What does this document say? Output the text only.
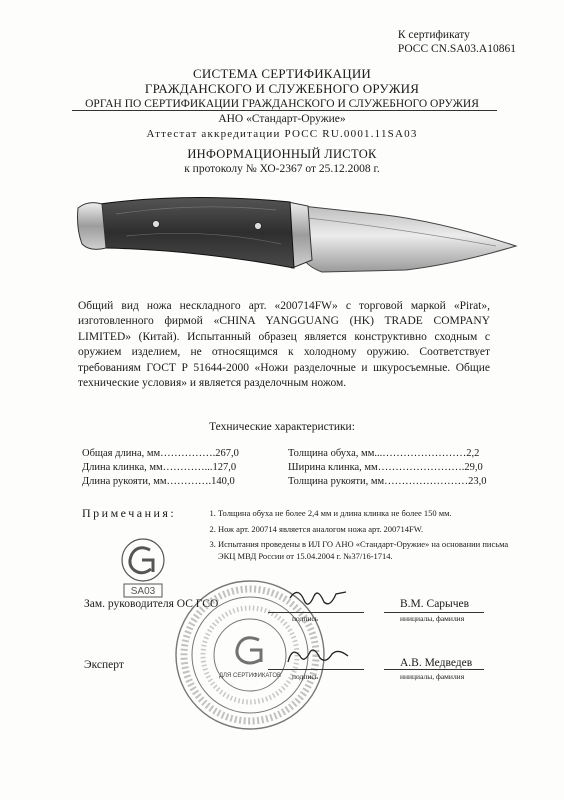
К сертификату
РОСС CN.SA03.A10861
СИСТЕМА СЕРТИФИКАЦИИ
ГРАЖДАНСКОГО И СЛУЖЕБНОГО ОРУЖИЯ
ОРГАН ПО СЕРТИФИКАЦИИ ГРАЖДАНСКОГО И СЛУЖЕБНОГО ОРУЖИЯ
АНО «Стандарт-Оружие»
Аттестат аккредитации РОСС RU.0001.11SA03
ИНФОРМАЦИОННЫЙ ЛИСТОК
к протоколу № ХО-2367 от 25.12.2008 г.

Общий вид ножа нескладного арт. «200714FW» с торговой маркой «Pirat», изготовленного фирмой «CHINA YANGGUANG (HK) TRADE COMPANY LIMITED» (Китай). Испытанный образец является конструктивно сходным с оружием изделием, не относящимся к холодному оружию. Соответствует требованиям ГОСТ Р 51644-2000 «Ножи разделочные и шкуросъемные. Общие технические условия» и является разделочным ножом.

Технические характеристики:
Общая длина, мм…………….267,0
Длина клинка, мм…………...127,0
Длина рукояти, мм………….140,0
Толщина обуха, мм...……………………2,2
Ширина клинка, мм…………………….29,0
Толщина рукояти, мм……………………23,0
Примечания:
1.	Толщина обуха не более 2,4 мм и длина клинка не более 150 мм.
2. Нож арт. 200714 является аналогом ножа арт. 200714FW.
3. Испытания проведены в ИЛ ГО АНО «Стандарт-Оружие» на основании письма ЭКЦ МВД России от 15.04.2004 г. №37/16-1714.
SA03
ДЛЯ СЕРТИФИКАТОВ
Зам. руководителя ОС ГСО
подпись
В.М. Сарычев
инициалы, фамилия
Эксперт
подпись
А.В. Медведев
инициалы, фамилия
